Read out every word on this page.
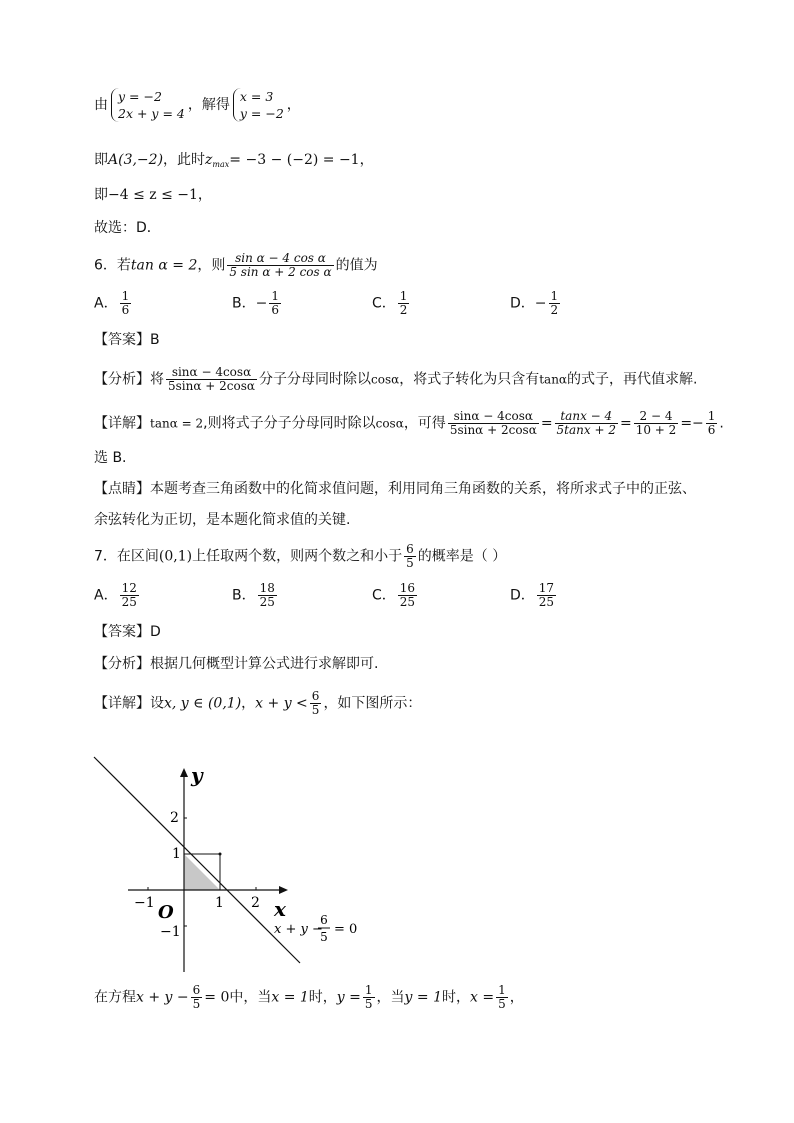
由
y = −2
2x + y = 4
，解得
x = 3
y = −2
，
即A(3,−2)，此时$z_{max}= -3 - (-2) = -1$，
即−4 ≤ z ≤ −1，
故选：D．
6．若tan α = 2，则 $\frac{\text{sin α − 4 cos α}}{\text{5 sin α + 2 cos α}}$ 的值为
A． $\frac{1}{6}$	B．− $\frac{1}{6}$	C． $\frac{1}{2}$	D．− $\frac{1}{2}$
【答案】B
【分析】将 $\frac{\sin\alpha - 4\cos\alpha}{5\sin\alpha + 2\cos\alpha}$ 分子分母同时除以cosα，将式子转化为只含有tanα的式子，再代值求解.
【详解】tanα = 2,则将式子分子分母同时除以cosα，可得 $\frac{\sin\alpha - 4\cos\alpha}{5\sin\alpha + 2\cos\alpha} = \frac{\tan x - 4}{5\tan x + 2} = \frac{2 - 4}{10 + 2} =- \frac{1}{6}$ .
选 B.
【点睛】本题考查三角函数中的化简求值问题，利用同角三角函数的关系，将所求式子中的正弦、
余弦转化为正切，是本题化简求值的关键.
7．在区间(0,1)上任取两个数，则两个数之和小于 $\frac{6}{5}$ 的概率是（ ）
A． $\frac{12}{25}$	B． $\frac{18}{25}$	C． $\frac{16}{25}$	D． $\frac{17}{25}$
【答案】D
【分析】根据几何概型计算公式进行求解即可.
【详解】设x, y ∈ (0,1)，$x + y < \frac{6}{5}$ ，如下图所示：
y
x
O
2
1
−1
−1	1 2
x + y −
6
5 = 0
在方程$x + y - \frac{6}{5} = 0$中，当x = 1时，$y = \frac{1}{5}$ ，当y = 1时，$x = \frac{1}{5}$ ，
